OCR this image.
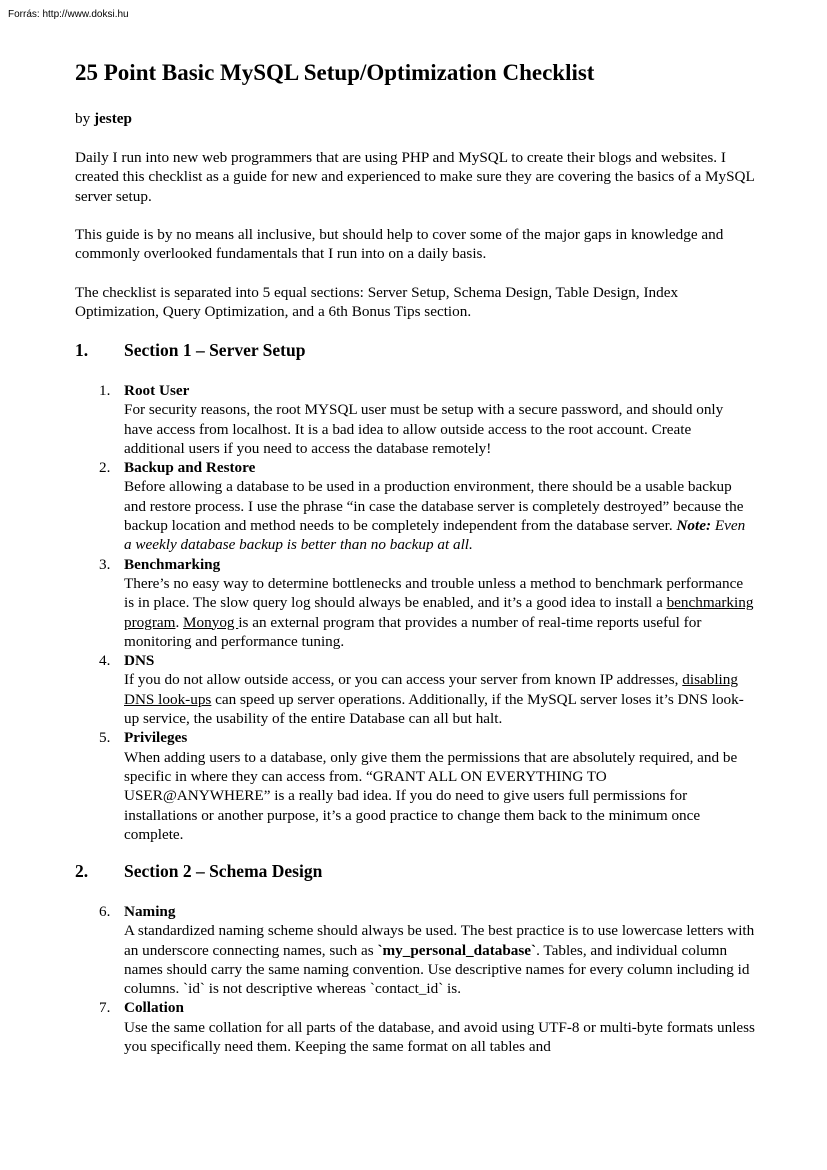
Forrás: http://www.doksi.hu
25 Point Basic MySQL Setup/Optimization Checklist

by jestep

Daily I run into new web programmers that are using PHP and MySQL to create their blogs and websites. I created this checklist as a guide for new and experienced to make sure they are covering the basics of a MySQL server setup.

This guide is by no means all inclusive, but should help to cover some of the major gaps in knowledge and commonly overlooked fundamentals that I run into on a daily basis.

The checklist is separated into 5 equal sections: Server Setup, Schema Design, Table Design, Index Optimization, Query Optimization, and a 6th Bonus Tips section.

1. Section 1 – Server Setup
1. Root User
For security reasons, the root MYSQL user must be setup with a secure password, and should only have access from localhost. It is a bad idea to allow outside access to the root account. Create additional users if you need to access the database remotely!
2. Backup and Restore
Before allowing a database to be used in a production environment, there should be a usable backup and restore process. I use the phrase “in case the database server is completely destroyed” because the backup location and method needs to be completely independent from the database server. Note: Even a weekly database backup is better than no backup at all.
3. Benchmarking
There’s no easy way to determine bottlenecks and trouble unless a method to benchmark performance is in place. The slow query log should always be enabled, and it’s a good idea to install a benchmarking program. Monyog is an external program that provides a number of real-time reports useful for monitoring and performance tuning.
4. DNS
If you do not allow outside access, or you can access your server from known IP addresses, disabling DNS look-ups can speed up server operations. Additionally, if the MySQL server loses it’s DNS look-up service, the usability of the entire Database can all but halt.
5. Privileges
When adding users to a database, only give them the permissions that are absolutely required, and be specific in where they can access from. “GRANT ALL ON EVERYTHING TO USER@ANYWHERE” is a really bad idea. If you do need to give users full permissions for installations or another purpose, it’s a good practice to change them back to the minimum once complete.
2. Section 2 – Schema Design
6. Naming
A standardized naming scheme should always be used. The best practice is to use lowercase letters with an underscore connecting names, such as `my_personal_database`. Tables, and individual column names should carry the same naming convention. Use descriptive names for every column including id columns. `id` is not descriptive whereas `contact_id` is.
7. Collation
Use the same collation for all parts of the database, and avoid using UTF-8 or multi-byte formats unless you specifically need them. Keeping the same format on all tables and
